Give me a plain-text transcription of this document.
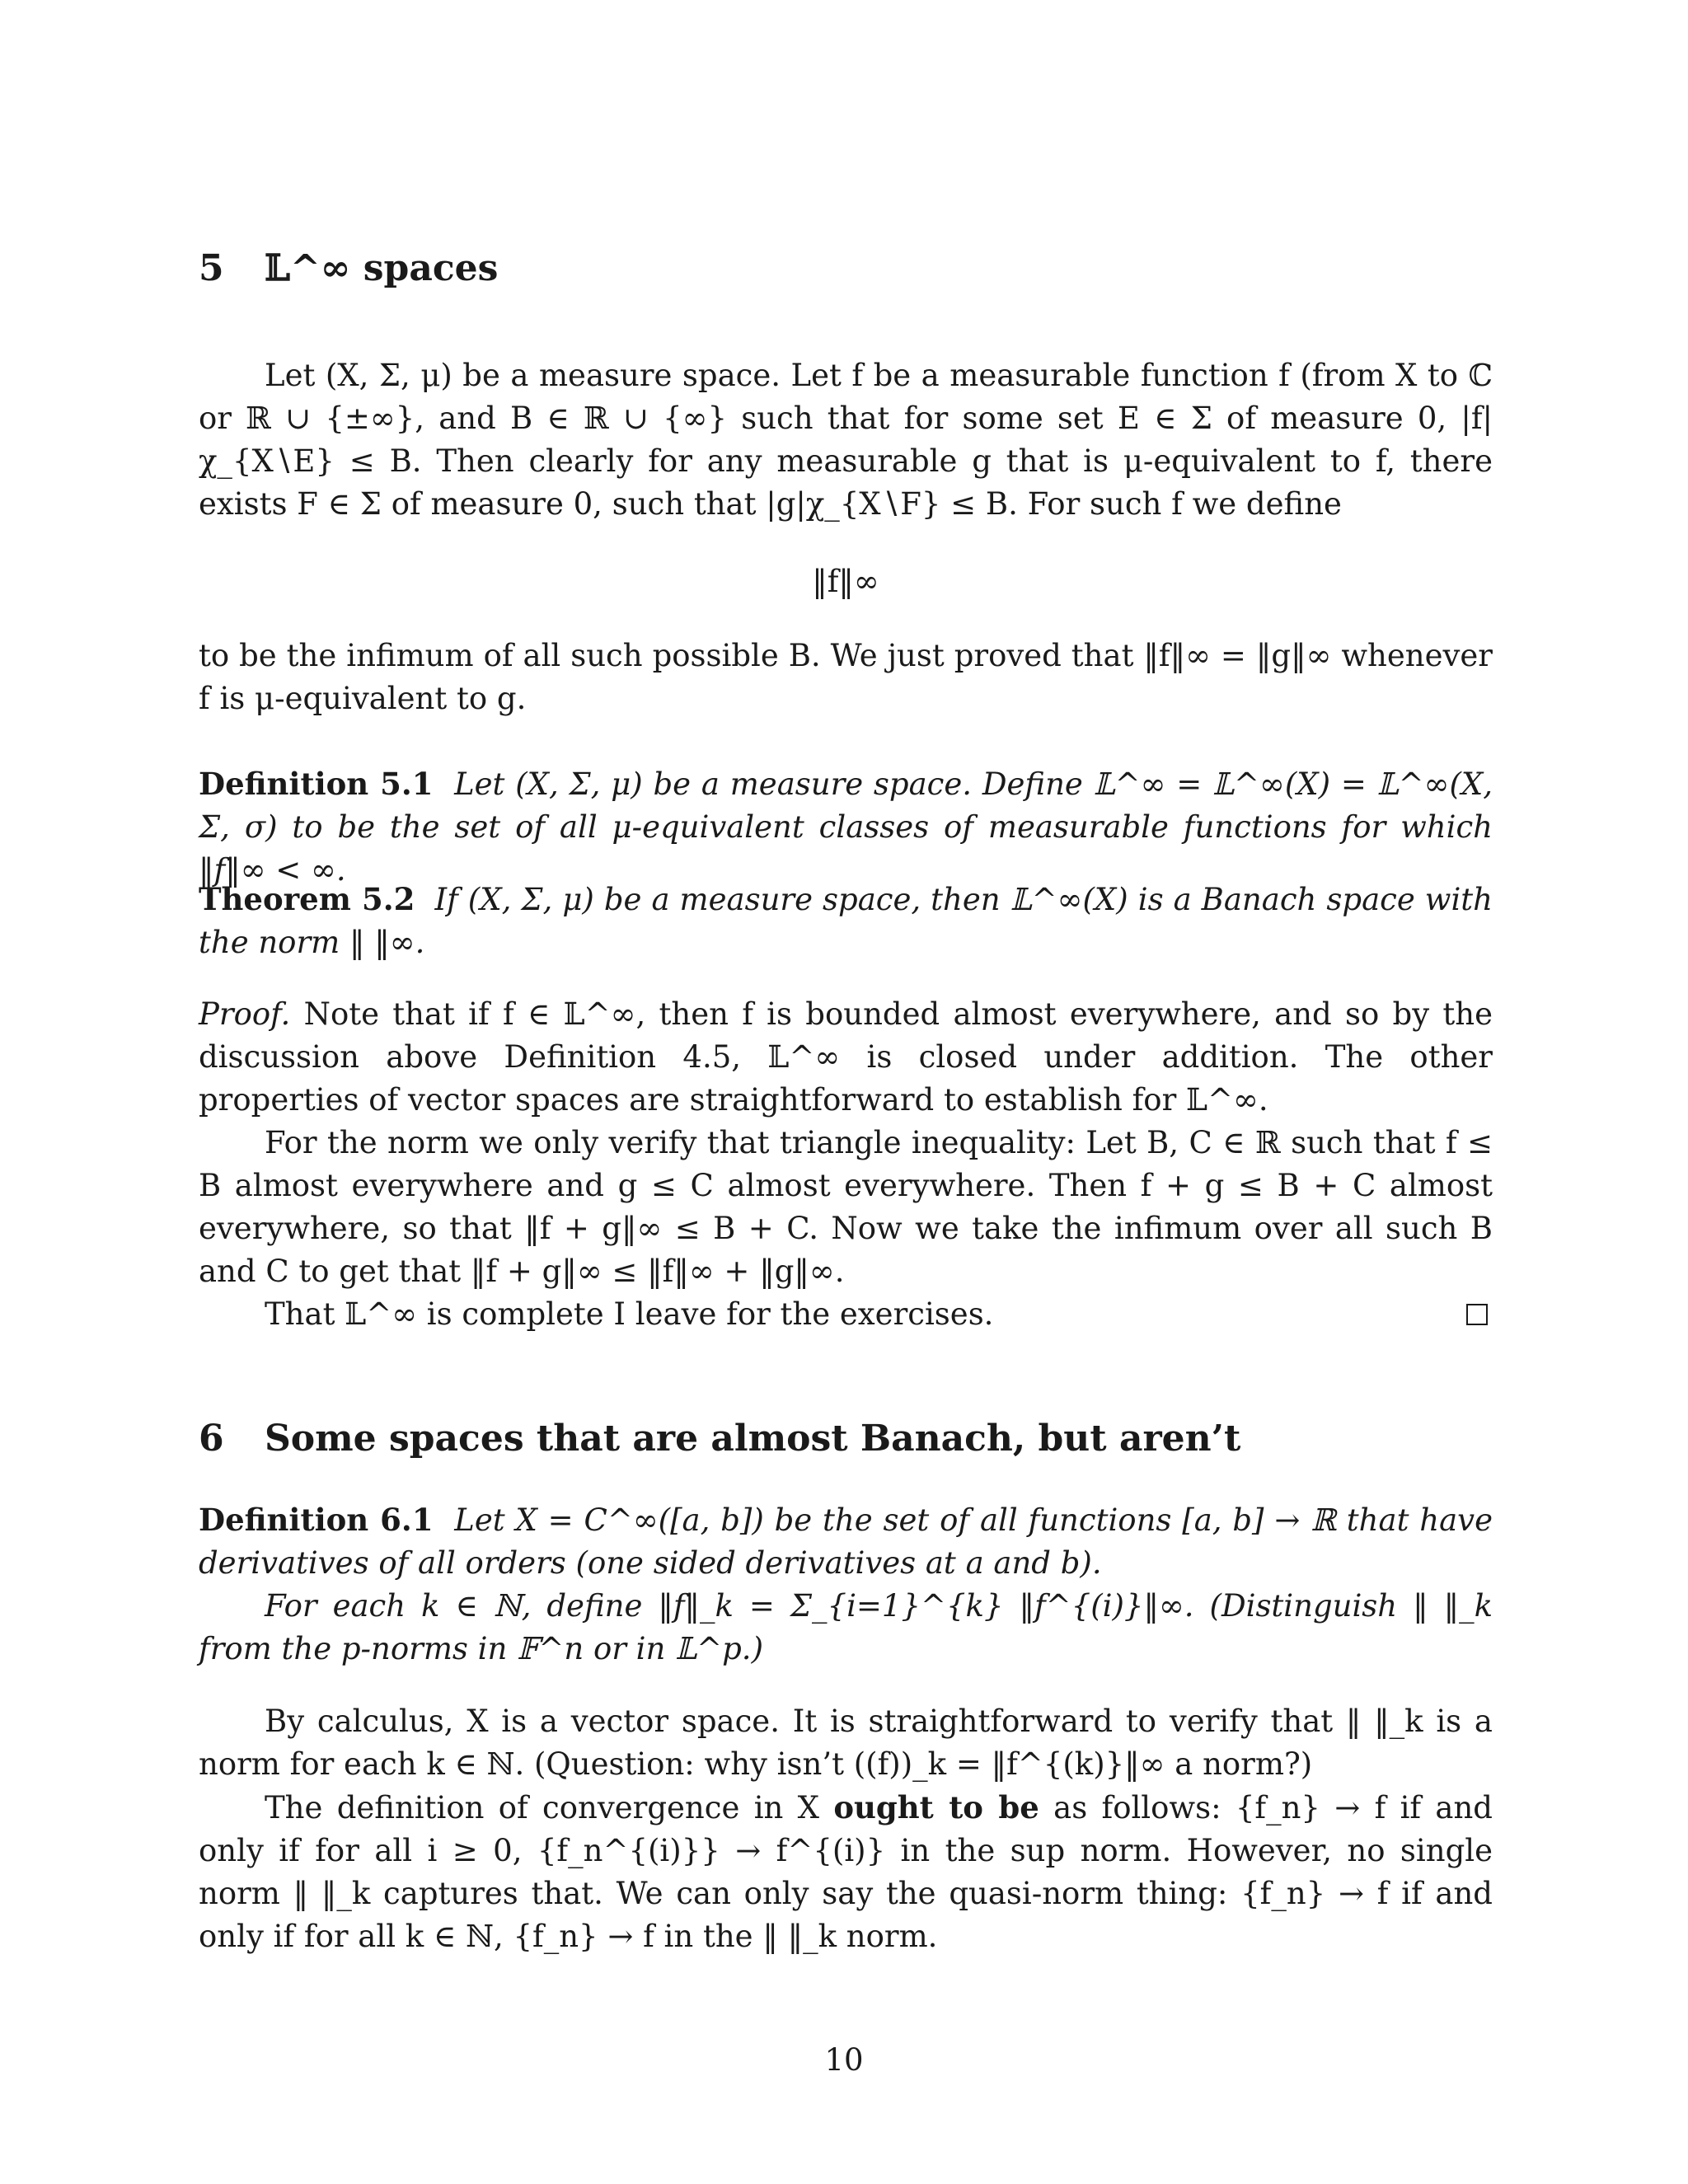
5 𝕃^∞ spaces

Let (X, Σ, μ) be a measure space. Let f be a measurable function f (from X to ℂ or ℝ ∪ {±∞}, and B ∈ ℝ ∪ {∞} such that for some set E ∈ Σ of measure 0, |f|χ_{X∖E} ≤ B. Then clearly for any measurable g that is μ-equivalent to f, there exists F ∈ Σ of measure 0, such that |g|χ_{X∖F} ≤ B. For such f we define

‖f‖∞

to be the infimum of all such possible B. We just proved that ‖f‖∞ = ‖g‖∞ whenever f is μ-equivalent to g.

Definition 5.1 Let (X, Σ, μ) be a measure space. Define 𝕃^∞ = 𝕃^∞(X) = 𝕃^∞(X, Σ, σ) to be the set of all μ-equivalent classes of measurable functions for which ‖f‖∞ < ∞.

Theorem 5.2 If (X, Σ, μ) be a measure space, then 𝕃^∞(X) is a Banach space with the norm ‖ ‖∞.

Proof. Note that if f ∈ 𝕃^∞, then f is bounded almost everywhere, and so by the discussion above Definition 4.5, 𝕃^∞ is closed under addition. The other properties of vector spaces are straightforward to establish for 𝕃^∞.

For the norm we only verify that triangle inequality: Let B, C ∈ ℝ such that f ≤ B almost everywhere and g ≤ C almost everywhere. Then f + g ≤ B + C almost everywhere, so that ‖f + g‖∞ ≤ B + C. Now we take the infimum over all such B and C to get that ‖f + g‖∞ ≤ ‖f‖∞ + ‖g‖∞.

That 𝕃^∞ is complete I leave for the exercises.

6 Some spaces that are almost Banach, but aren’t

Definition 6.1 Let X = C^∞([a, b]) be the set of all functions [a, b] → ℝ that have derivatives of all orders (one sided derivatives at a and b).

For each k ∈ ℕ, define ‖f‖_k = Σ_{i=1}^{k} ‖f^{(i)}‖∞. (Distinguish ‖ ‖_k from the p-norms in 𝔽^n or in 𝕃^p.)

By calculus, X is a vector space. It is straightforward to verify that ‖ ‖_k is a norm for each k ∈ ℕ. (Question: why isn’t ((f))_k = ‖f^{(k)}‖∞ a norm?)

The definition of convergence in X ought to be as follows: {f_n} → f if and only if for all i ≥ 0, {f_n^{(i)}} → f^{(i)} in the sup norm. However, no single norm ‖ ‖_k captures that. We can only say the quasi-norm thing: {f_n} → f if and only if for all k ∈ ℕ, {f_n} → f in the ‖ ‖_k norm.

10
